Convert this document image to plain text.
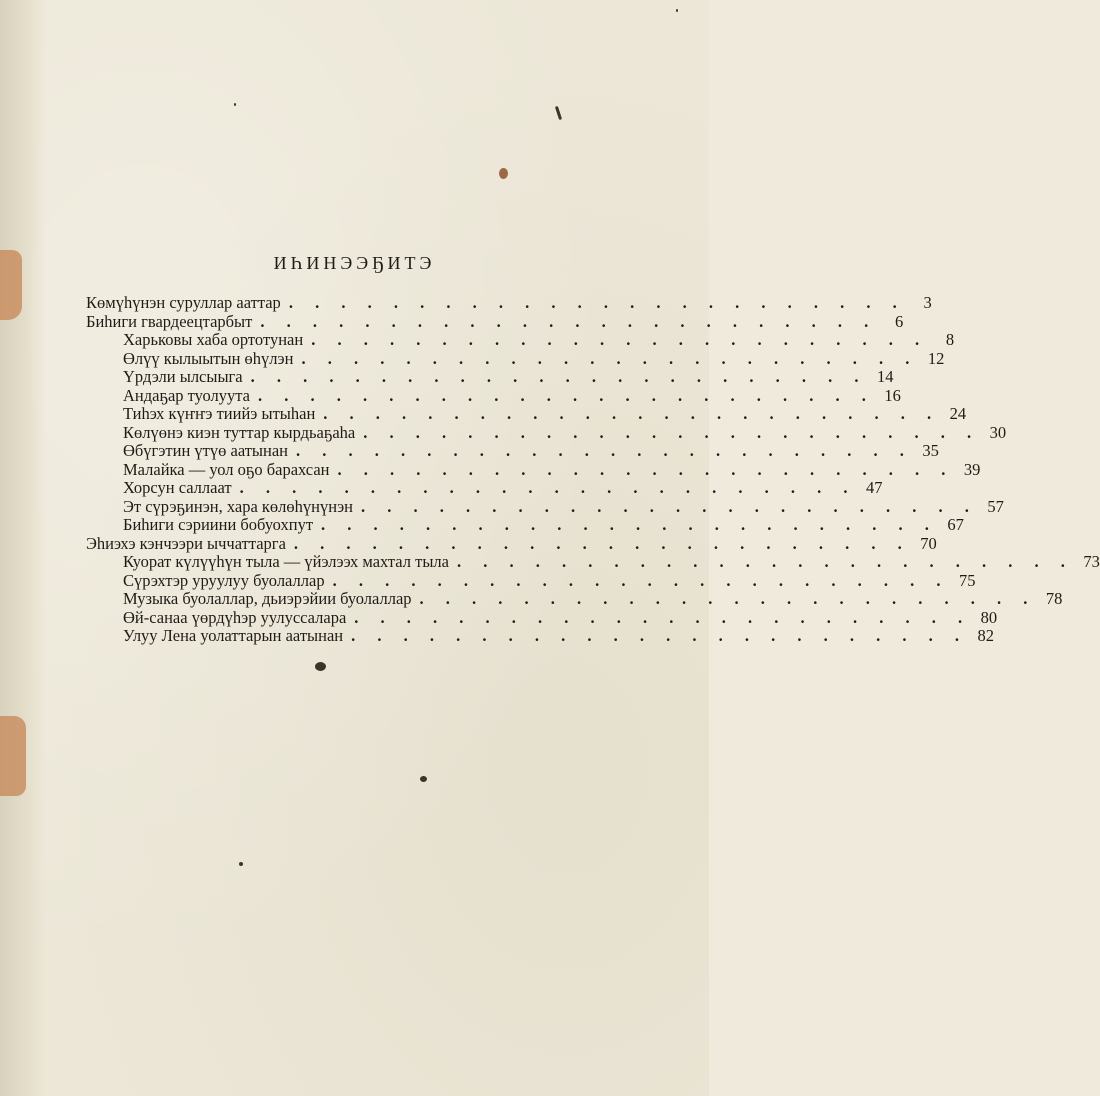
ИҺИНЭЭҔИТЭ
Көмүһүнэн суруллар ааттар . . . . . . . . . . . . . . . . . . . . . . . .	3
Биһиги гвардеецтарбыт . . . . . . . . . . . . . . . . . . . . . . . .	6
Харьковы хаба ортотунан . . . . . . . . . . . . . . . . . . . . . . . .	8
Өлүү кылыытын өһүлэн . . . . . . . . . . . . . . . . . . . . . . . . 12
Үрдэли ылсыыга . . . . . . . . . . . . . . . . . . . . . . . . 14
Андаҕар туолуута . . . . . . . . . . . . . . . . . . . . . . . . 16
Тиһэх күҥҥэ тиийэ ытыһан . . . . . . . . . . . . . . . . . . . . . . . . 24
Көлүөнэ киэн туттар кырдьаҕаһа . . . . . . . . . . . . . . . . . . . . . . . . 30
Өбүгэтин үтүө аатынан . . . . . . . . . . . . . . . . . . . . . . . . 35
Малайка — уол оҕо барахсан . . . . . . . . . . . . . . . . . . . . . . . . 39
Хорсун саллаат . . . . . . . . . . . . . . . . . . . . . . . . 47
Эт сүрэҕинэн, хара көлөһүнүнэн . . . . . . . . . . . . . . . . . . . . . . . . 57
Биһиги сэриини бобуохпут . . . . . . . . . . . . . . . . . . . . . . . . 67
Эһиэхэ кэнчээри ыччаттарга . . . . . . . . . . . . . . . . . . . . . . . . 70
Куорат күлүүһүн тыла — үйэлээх махтал тыла . . . . . . . . . . . . . . . . . . . . . . . . 73
Сүрэхтэр уруулуу буолаллар . . . . . . . . . . . . . . . . . . . . . . . . 75
Музыка буолаллар, дьиэрэйии буолаллар . . . . . . . . . . . . . . . . . . . . . . . . 78
Өй-санаа үөрдүһэр уулуссалара . . . . . . . . . . . . . . . . . . . . . . . . 80
Улуу Лена уолаттарын аатынан . . . . . . . . . . . . . . . . . . . . . . . . 82
